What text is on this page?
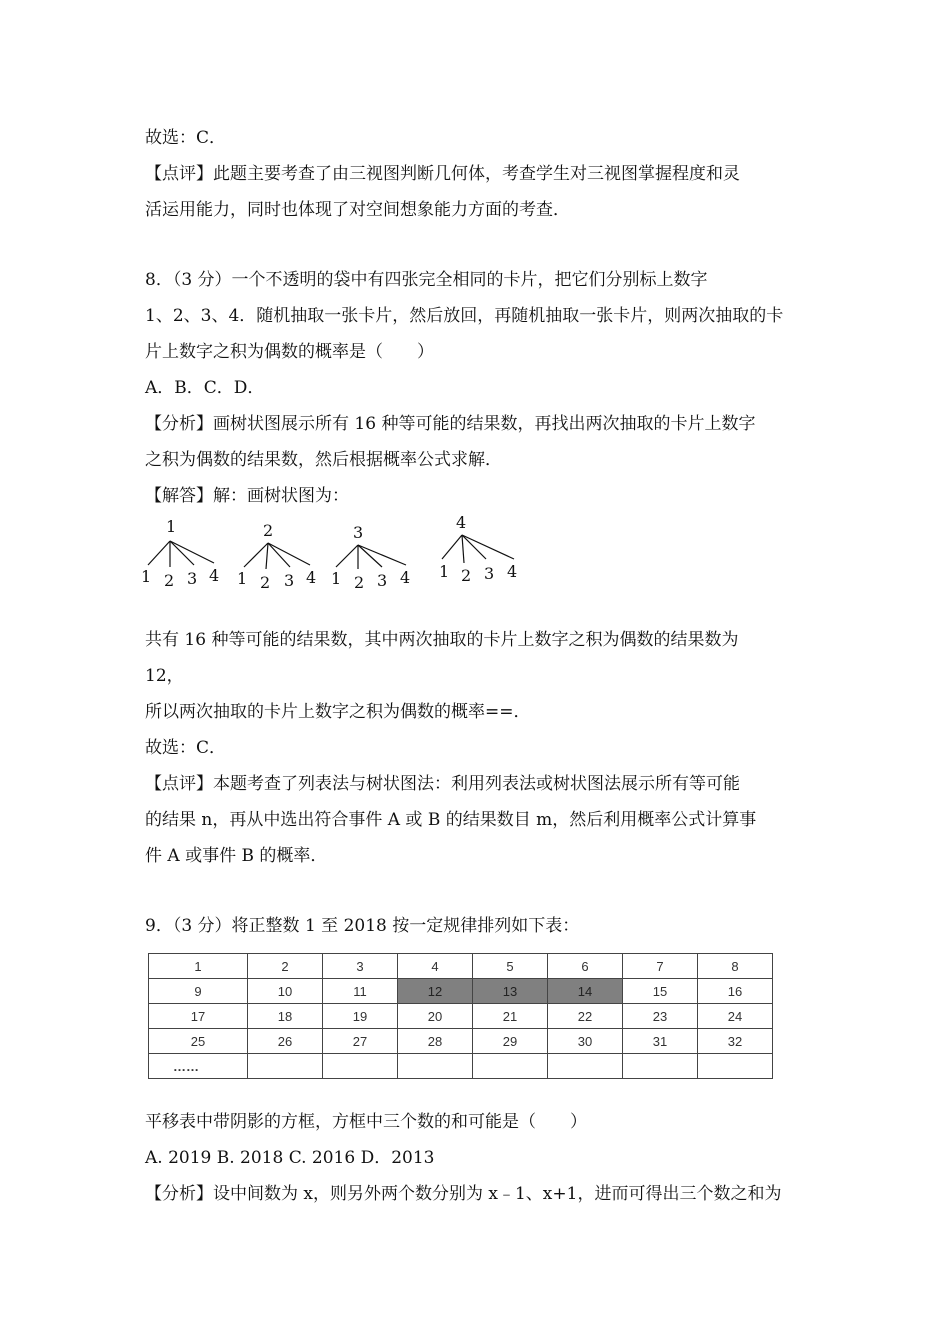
故选：C．
【点评】此题主要考查了由三视图判断几何体，考查学生对三视图掌握程度和灵
活运用能力，同时也体现了对空间想象能力方面的考查．
8．（3 分）一个不透明的袋中有四张完全相同的卡片，把它们分别标上数字
1、2、3、4．随机抽取一张卡片，然后放回，再随机抽取一张卡片，则两次抽取的卡
片上数字之积为偶数的概率是（　　）
A．B．C．D．
【分析】画树状图展示所有 16 种等可能的结果数，再找出两次抽取的卡片上数字
之积为偶数的结果数，然后根据概率公式求解．
【解答】解：画树状图为：
1
1 2 3 4
2
1 2 3 4
3
1 2 3 4
4
1 2 3 4
共有 16 种等可能的结果数，其中两次抽取的卡片上数字之积为偶数的结果数为
12，
所以两次抽取的卡片上数字之积为偶数的概率==．
故选：C．
【点评】本题考查了列表法与树状图法：利用列表法或树状图法展示所有等可能
的结果 n，再从中选出符合事件 A 或 B 的结果数目 m，然后利用概率公式计算事
件 A 或事件 B 的概率．
9．（3 分）将正整数 1 至 2018 按一定规律排列如下表：
1	2	3	4	5	6	7	8
9	10	11	12	13	14	15	16
17	18	19	20	21	22	23	24
25	26	27	28	29	30	31	32
……							
平移表中带阴影的方框，方框中三个数的和可能是（　　）
A. 2019 B. 2018 C. 2016 D．2013
【分析】设中间数为 x，则另外两个数分别为 x﹣1、x+1，进而可得出三个数之和为
